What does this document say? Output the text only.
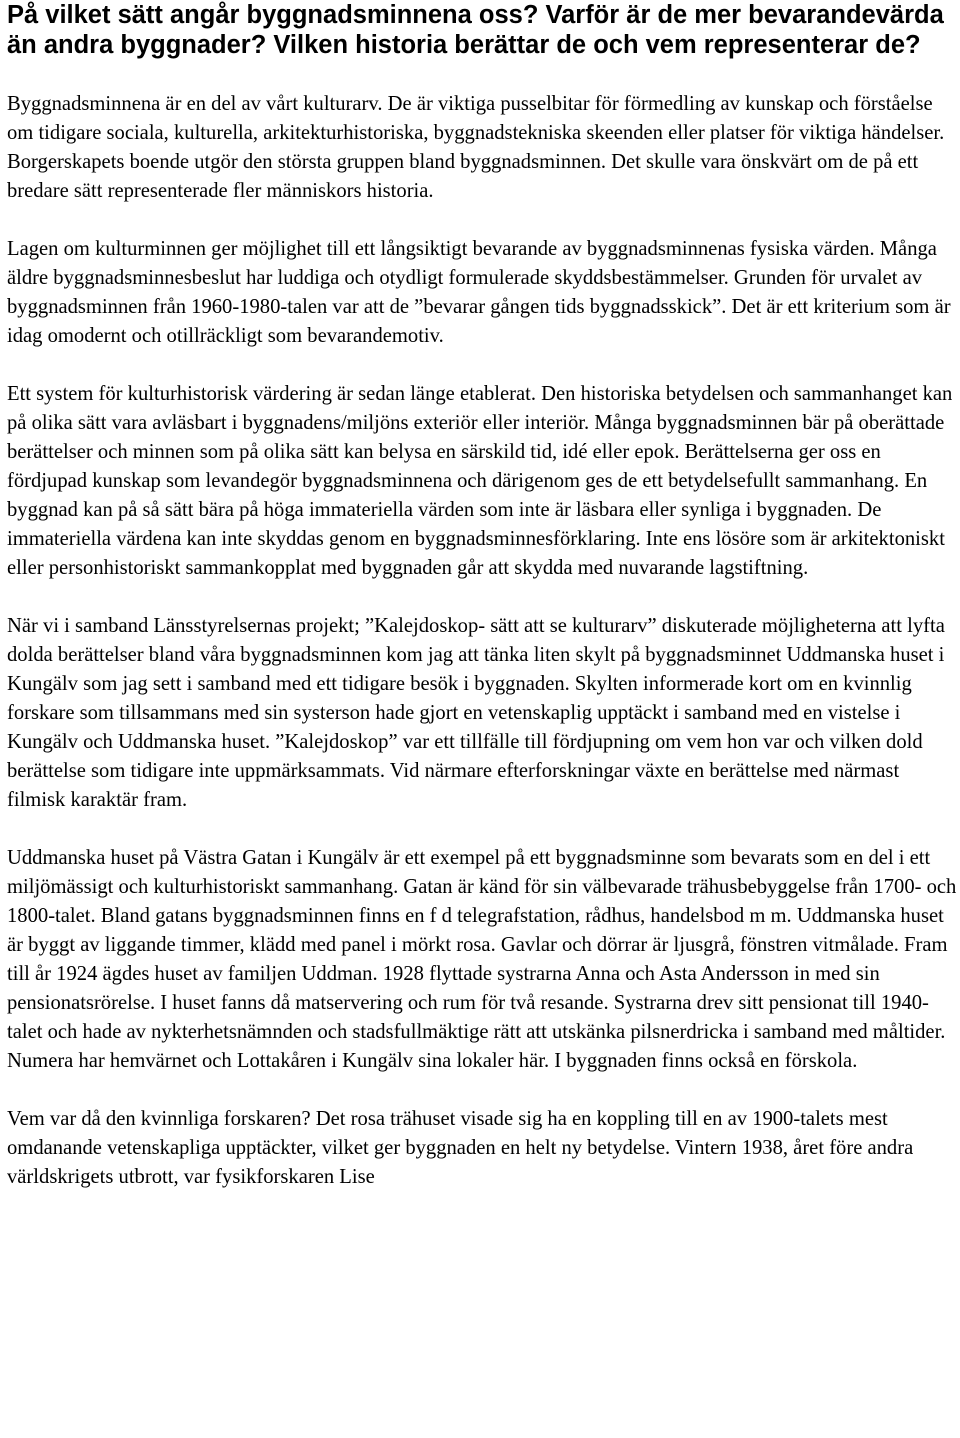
På vilket sätt angår byggnadsminnena oss? Varför är de mer bevarandevärda än andra byggnader? Vilken historia berättar de och vem representerar de?

Byggnadsminnena är en del av vårt kulturarv. De är viktiga pusselbitar för förmedling av kunskap och förståelse om tidigare sociala, kulturella, arkitekturhistoriska, byggnadstekniska skeenden eller platser för viktiga händelser. Borgerskapets boende utgör den största gruppen bland byggnadsminnen. Det skulle vara önskvärt om de på ett bredare sätt representerade fler människors historia.

Lagen om kulturminnen ger möjlighet till ett långsiktigt bevarande av byggnadsminnenas fysiska värden. Många äldre byggnadsminnesbeslut har luddiga och otydligt formulerade skyddsbestämmelser. Grunden för urvalet av byggnadsminnen från 1960-1980-talen var att de ”bevarar gången tids byggnadsskick”. Det är ett kriterium som är idag omodernt och otillräckligt som bevarandemotiv.

Ett system för kulturhistorisk värdering är sedan länge etablerat. Den historiska betydelsen och sammanhanget kan på olika sätt vara avläsbart i byggnadens/miljöns exteriör eller interiör. Många byggnadsminnen bär på oberättade berättelser och minnen som på olika sätt kan belysa en särskild tid, idé eller epok. Berättelserna ger oss en fördjupad kunskap som levandegör byggnadsminnena och därigenom ges de ett betydelsefullt sammanhang. En byggnad kan på så sätt bära på höga immateriella värden som inte är läsbara eller synliga i byggnaden. De immateriella värdena kan inte skyddas genom en byggnadsminnesförklaring. Inte ens lösöre som är arkitektoniskt eller personhistoriskt sammankopplat med byggnaden går att skydda med nuvarande lagstiftning.

När vi i samband Länsstyrelsernas projekt; ”Kalejdoskop- sätt att se kulturarv” diskuterade möjligheterna att lyfta dolda berättelser bland våra byggnadsminnen kom jag att tänka liten skylt på byggnadsminnet Uddmanska huset i Kungälv som jag sett i samband med ett tidigare besök i byggnaden. Skylten informerade kort om en kvinnlig forskare som tillsammans med sin systerson hade gjort en vetenskaplig upptäckt i samband med en vistelse i Kungälv och Uddmanska huset. ”Kalejdoskop” var ett tillfälle till fördjupning om vem hon var och vilken dold berättelse som tidigare inte uppmärksammats. Vid närmare efterforskningar växte en berättelse med närmast filmisk karaktär fram.

Uddmanska huset på Västra Gatan i Kungälv är ett exempel på ett byggnadsminne som bevarats som en del i ett miljömässigt och kulturhistoriskt sammanhang. Gatan är känd för sin välbevarade trähusbebyggelse från 1700- och 1800-talet. Bland gatans byggnadsminnen finns en f d telegrafstation, rådhus, handelsbod m m. Uddmanska huset är byggt av liggande timmer, klädd med panel i mörkt rosa. Gavlar och dörrar är ljusgrå, fönstren vitmålade. Fram till år 1924 ägdes huset av familjen Uddman. 1928 flyttade systrarna Anna och Asta Andersson in med sin pensionatsrörelse. I huset fanns då matservering och rum för två resande. Systrarna drev sitt pensionat till 1940-talet och hade av nykterhetsnämnden och stadsfullmäktige rätt att utskänka pilsnerdricka i samband med måltider. Numera har hemvärnet och Lottakåren i Kungälv sina lokaler här. I byggnaden finns också en förskola.

Vem var då den kvinnliga forskaren? Det rosa trähuset visade sig ha en koppling till en av 1900-talets mest omdanande vetenskapliga upptäckter, vilket ger byggnaden en helt ny betydelse. Vintern 1938, året före andra världskrigets utbrott, var fysikforskaren Lise
